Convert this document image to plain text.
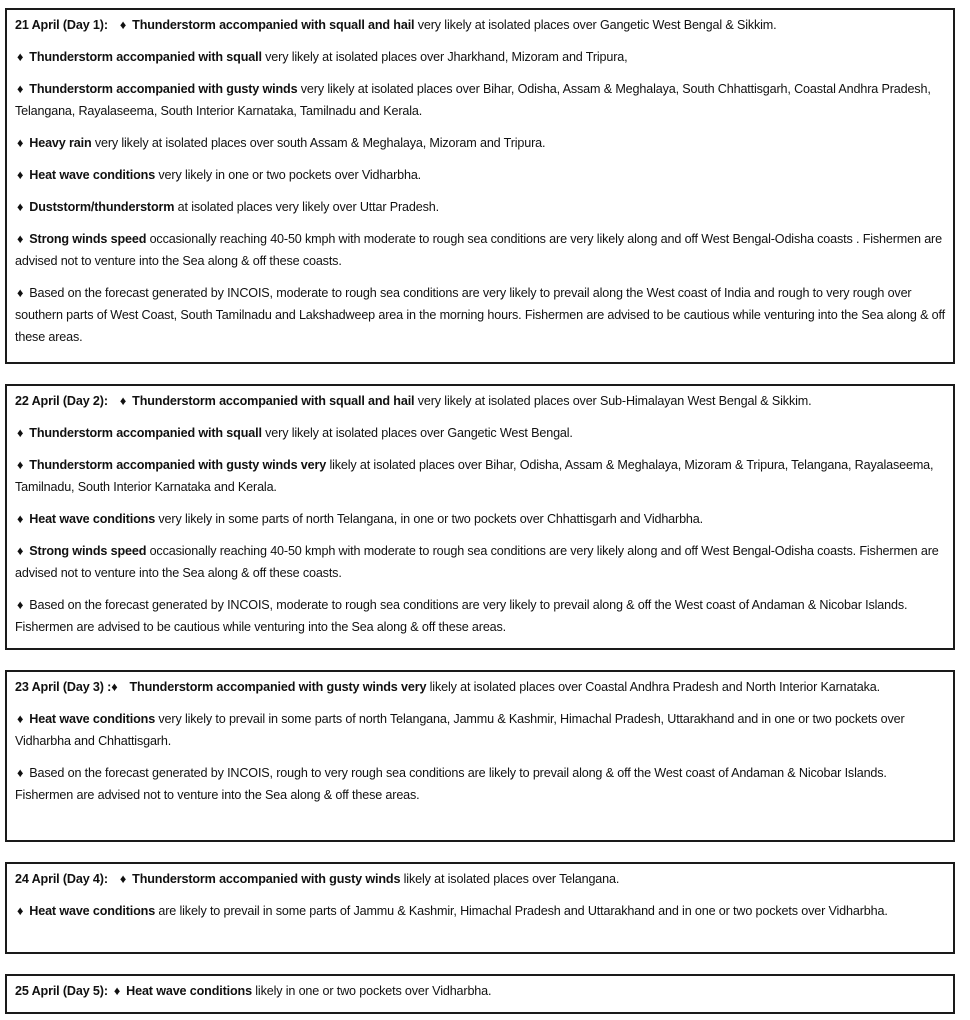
21 April (Day 1): ♦ Thunderstorm accompanied with squall and hail very likely at isolated places over Gangetic West Bengal & Sikkim.

♦ Thunderstorm accompanied with squall very likely at isolated places over Jharkhand, Mizoram and Tripura,

♦ Thunderstorm accompanied with gusty winds very likely at isolated places over Bihar, Odisha, Assam & Meghalaya, South Chhattisgarh, Coastal Andhra Pradesh, Telangana, Rayalaseema, South Interior Karnataka, Tamilnadu and Kerala.

♦ Heavy rain very likely at isolated places over south Assam & Meghalaya, Mizoram and Tripura.

♦ Heat wave conditions very likely in one or two pockets over Vidharbha.

♦ Duststorm/thunderstorm at isolated places very likely over Uttar Pradesh.

♦ Strong winds speed occasionally reaching 40-50 kmph with moderate to rough sea conditions are very likely along and off West Bengal-Odisha coasts . Fishermen are advised not to venture into the Sea along & off these coasts.

♦ Based on the forecast generated by INCOIS, moderate to rough sea conditions are very likely to prevail along the West coast of India and rough to very rough over southern parts of West Coast, South Tamilnadu and Lakshadweep area in the morning hours. Fishermen are advised to be cautious while venturing into the Sea along & off these areas.

22 April (Day 2): ♦ Thunderstorm accompanied with squall and hail very likely at isolated places over Sub-Himalayan West Bengal & Sikkim.

♦ Thunderstorm accompanied with squall very likely at isolated places over Gangetic West Bengal.

♦ Thunderstorm accompanied with gusty winds very likely at isolated places over Bihar, Odisha, Assam & Meghalaya, Mizoram & Tripura, Telangana, Rayalaseema, Tamilnadu, South Interior Karnataka and Kerala.

♦ Heat wave conditions very likely in some parts of north Telangana, in one or two pockets over Chhattisgarh and Vidharbha.

♦ Strong winds speed occasionally reaching 40-50 kmph with moderate to rough sea conditions are very likely along and off West Bengal-Odisha coasts. Fishermen are advised not to venture into the Sea along & off these coasts.

♦ Based on the forecast generated by INCOIS, moderate to rough sea conditions are very likely to prevail along & off the West coast of Andaman & Nicobar Islands. Fishermen are advised to be cautious while venturing into the Sea along & off these areas.

23 April (Day 3) :♦ Thunderstorm accompanied with gusty winds very likely at isolated places over Coastal Andhra Pradesh and North Interior Karnataka.

♦ Heat wave conditions very likely to prevail in some parts of north Telangana, Jammu & Kashmir, Himachal Pradesh, Uttarakhand and in one or two pockets over Vidharbha and Chhattisgarh.

♦ Based on the forecast generated by INCOIS, rough to very rough sea conditions are likely to prevail along & off the West coast of Andaman & Nicobar Islands. Fishermen are advised not to venture into the Sea along & off these areas.

24 April (Day 4): ♦ Thunderstorm accompanied with gusty winds likely at isolated places over Telangana.

♦ Heat wave conditions are likely to prevail in some parts of Jammu & Kashmir, Himachal Pradesh and Uttarakhand and in one or two pockets over Vidharbha.

25 April (Day 5): ♦ Heat wave conditions likely in one or two pockets over Vidharbha.
